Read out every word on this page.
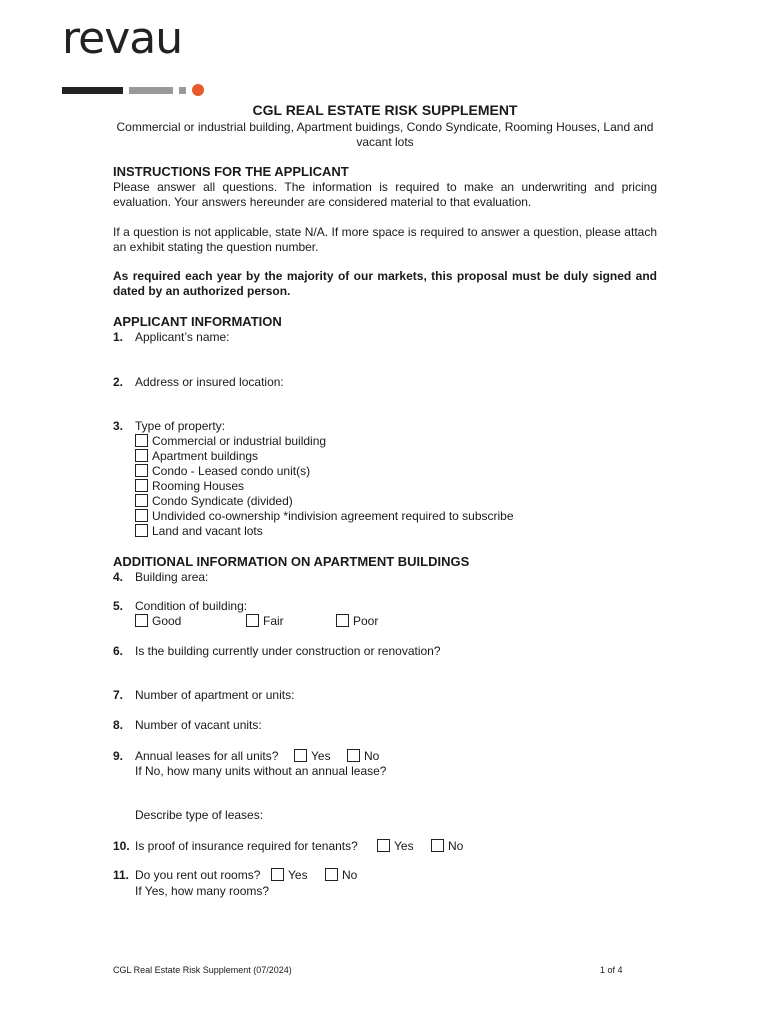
revau
CGL REAL ESTATE RISK SUPPLEMENT
Commercial or industrial building, Apartment buidings, Condo Syndicate, Rooming Houses, Land and vacant lots
INSTRUCTIONS FOR THE APPLICANT
Please answer all questions. The information is required to make an underwriting and pricing evaluation. Your answers hereunder are considered material to that evaluation.
If a question is not applicable, state N/A. If more space is required to answer a question, please attach an exhibit stating the question number.
As required each year by the majority of our markets, this proposal must be duly signed and dated by an authorized person.
APPLICANT INFORMATION
1. Applicant’s name:
2. Address or insured location:
3. Type of property:
Commercial or industrial building
Apartment buildings
Condo - Leased condo unit(s)
Rooming Houses
Condo Syndicate (divided)
Undivided co-ownership *indivision agreement required to subscribe
Land and vacant lots
ADDITIONAL INFORMATION ON APARTMENT BUILDINGS
4. Building area:
5. Condition of building:
Good	Fair	Poor
6. Is the building currently under construction or renovation?
7. Number of apartment or units:
8. Number of vacant units:
9. Annual leases for all units?	Yes	No
If No, how many units without an annual lease?
Describe type of leases:
10. Is proof of insurance required for tenants?	Yes	No
11. Do you rent out rooms?	Yes	No
If Yes, how many rooms?
CGL Real Estate Risk Supplement (07/2024)	1 of 4
